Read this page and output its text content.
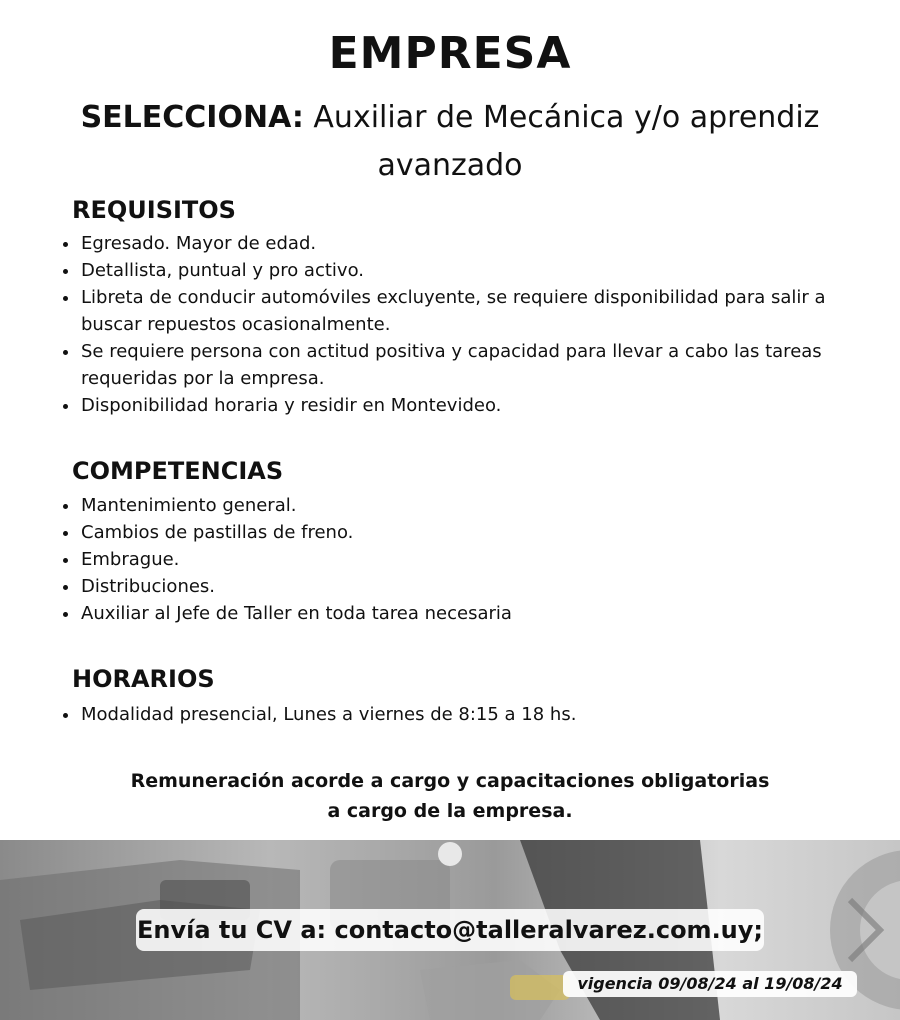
EMPRESA
SELECCIONA: Auxiliar de Mecánica y/o aprendiz avanzado
REQUISITOS
• Egresado. Mayor de edad.
• Detallista, puntual y pro activo.
• Libreta de conducir automóviles excluyente, se requiere disponibilidad para salir a buscar repuestos ocasionalmente.
• Se requiere persona con actitud positiva y capacidad para llevar a cabo las tareas requeridas por la empresa.
• Disponibilidad horaria y residir en Montevideo.
COMPETENCIAS
• Mantenimiento general.
• Cambios de pastillas de freno.
• Embrague.
• Distribuciones.
• Auxiliar al Jefe de Taller en toda tarea necesaria
HORARIOS
• Modalidad presencial, Lunes a viernes de 8:15 a 18 hs.
Remuneración acorde a cargo y capacitaciones obligatorias
a cargo de la empresa.
Envía tu CV a: contacto@talleralvarez.com.uy;
vigencia 09/08/24 al 19/08/24
